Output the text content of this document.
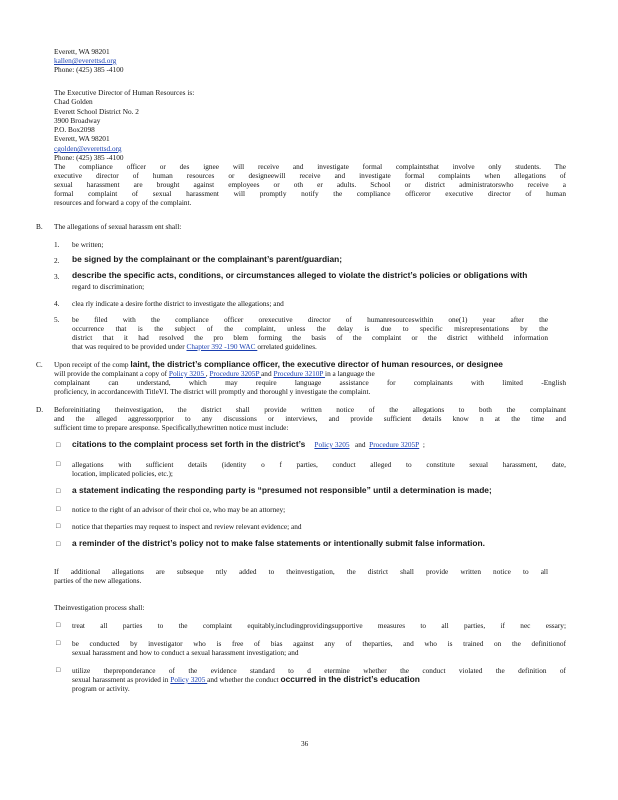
Everett, WA 98201
kallen@everettsd.org
Phone: (425) 385 -4100
The Executive Director of Human Resources is:
Chad Golden
Everett School District No. 2
3900 Broadway
P.O. Box2098
Everett, WA 98201
cgolden@everettsd.org
Phone: (425) 385 -4100
The compliance officer or des ignee will receive and investigate formal complaintsthat involve only students. The
executive director of human resources or designeewill receive and investigate formal complaints when allegations of
sexual harassment are brought against employees or oth er adults. School or district administratorswho receive a
formal complaint of sexual harassment will promptly notify the compliance officeror executive director of human
resources and forward a copy of the complaint.
B. The allegations of sexual harassm ent shall:
1. be written;
2. be signed by the complainant or the complainant’s parent/guardian;
3. describe the specific acts, conditions, or circumstances alleged to violate the district’s policies or obligations with
regard to discrimination;
4. clea rly indicate a desire forthe district to investigate the allegations; and
5. be filed with the compliance officer orexecutive director of humanresourceswithin one(1) year after the
occurrence that is the subject of the complaint, unless the delay is due to specific misrepresentations by the
district that it had resolved the pro blem forming the basis of the complaint or the district withheld information
that was required to be provided under Chapter 392 -190 WAC orrelated guidelines.
C. Upon receipt of the comp laint, the district’s compliance officer, the executive director of human resources, or designee
will provide the complainant a copy of Policy 3205 , Procedure 3205P and Procedure 3210P in a language the
complainant can understand, which may require language assistance for complainants with limited -English
proficiency, in accordancewith TitleVI. The district will promptly and thoroughl y investigate the complaint.
D. Beforeinitiating theinvestigation, the district shall provide written notice of the allegations to both the complainant
and the alleged aggressorpprior to any discussions or interviews, and provide sufficient details know n at the time and
sufficient time to prepare aresponse. Specifically,thewritten notice must include:
□ citations to the complaint process set forth in the district’s Policy 3205   and  Procedure 3205P ;
□ allegations with sufficient details (identity o f parties, conduct alleged to constitute sexual harassment, date,
location, implicated policies, etc.);
□ a statement indicating the responding party is “presumed not responsible” until a determination is made;
□ notice to the right of an advisor of their choi ce, who may be an attorney;
□ notice that theparties may request to inspect and review relevant evidence; and
□ a reminder of the district’s policy not to make false statements or intentionally submit false information.
If additional allegations are subseque ntly added to theinvestigation, the district shall provide written notice to all
parties of the new allegations.
Theinvestigation process shall:
□ treat all parties to the complaint equitably,includingprovidingsupportive measures to all parties, if nec essary;
□ be conducted by investigator who is free of bias against any of theparties, and who is trained on the definitionof
sexual harassment and how to conduct a sexual harassment investigation; and
□ utilize thepreponderance of the evidence standard to d etermine whether the conduct violated the definition of
sexual harassment as provided in Policy 3205 and whether the conduct occurred in the district’s education
program or activity.
36
